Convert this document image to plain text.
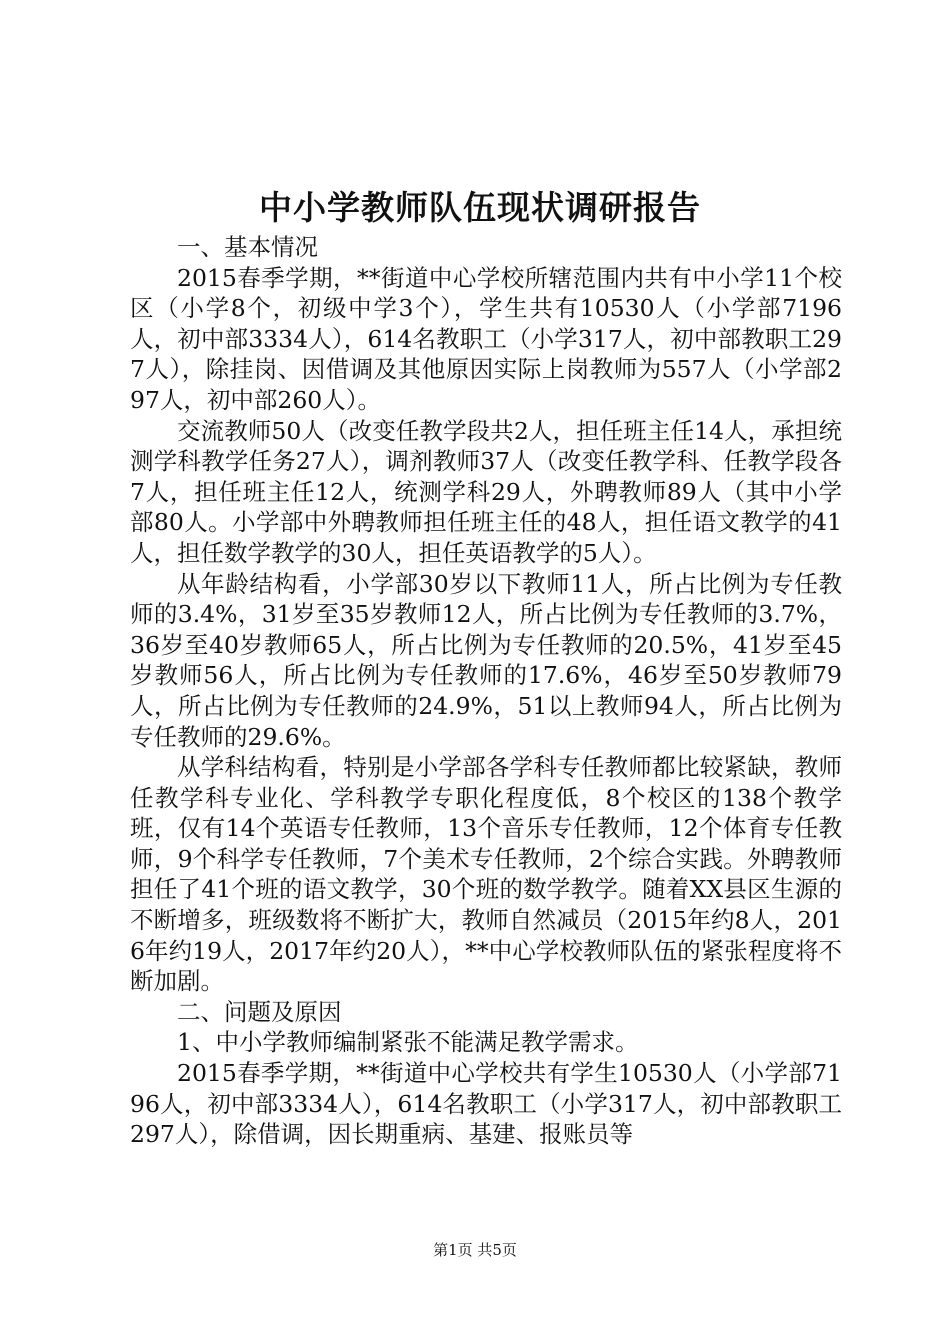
中小学教师队伍现状调研报告

一、基本情况

2015春季学期，**街道中心学校所辖范围内共有中小学11个校区（小学8个，初级中学3个），学生共有10530人（小学部7196人，初中部3334人），614名教职工（小学317人，初中部教职工297人），除挂岗、因借调及其他原因实际上岗教师为557人（小学部297人，初中部260人）。

交流教师50人（改变任教学段共2人，担任班主任14人，承担统测学科教学任务27人），调剂教师37人（改变任教学科、任教学段各7人，担任班主任12人，统测学科29人，外聘教师89人（其中小学部80人。小学部中外聘教师担任班主任的48人，担任语文教学的41人，担任数学教学的30人，担任英语教学的5人）。

从年龄结构看，小学部30岁以下教师11人，所占比例为专任教师的3.4%，31岁至35岁教师12人，所占比例为专任教师的3.7%，36岁至40岁教师65人，所占比例为专任教师的20.5%，41岁至45岁教师56人，所占比例为专任教师的17.6%，46岁至50岁教师79人，所占比例为专任教师的24.9%，51以上教师94人，所占比例为专任教师的29.6%。

从学科结构看，特别是小学部各学科专任教师都比较紧缺，教师任教学科专业化、学科教学专职化程度低，8个校区的138个教学班，仅有14个英语专任教师，13个音乐专任教师，12个体育专任教师，9个科学专任教师，7个美术专任教师，2个综合实践。外聘教师担任了41个班的语文教学，30个班的数学教学。随着XX县区生源的不断增多，班级数将不断扩大，教师自然减员（2015年约8人，2016年约19人，2017年约20人），**中心学校教师队伍的紧张程度将不断加剧。

二、问题及原因

1、中小学教师编制紧张不能满足教学需求。

2015春季学期，**街道中心学校共有学生10530人（小学部7196人，初中部3334人），614名教职工（小学317人，初中部教职工297人），除借调，因长期重病、基建、报账员等

第1页 共5页
